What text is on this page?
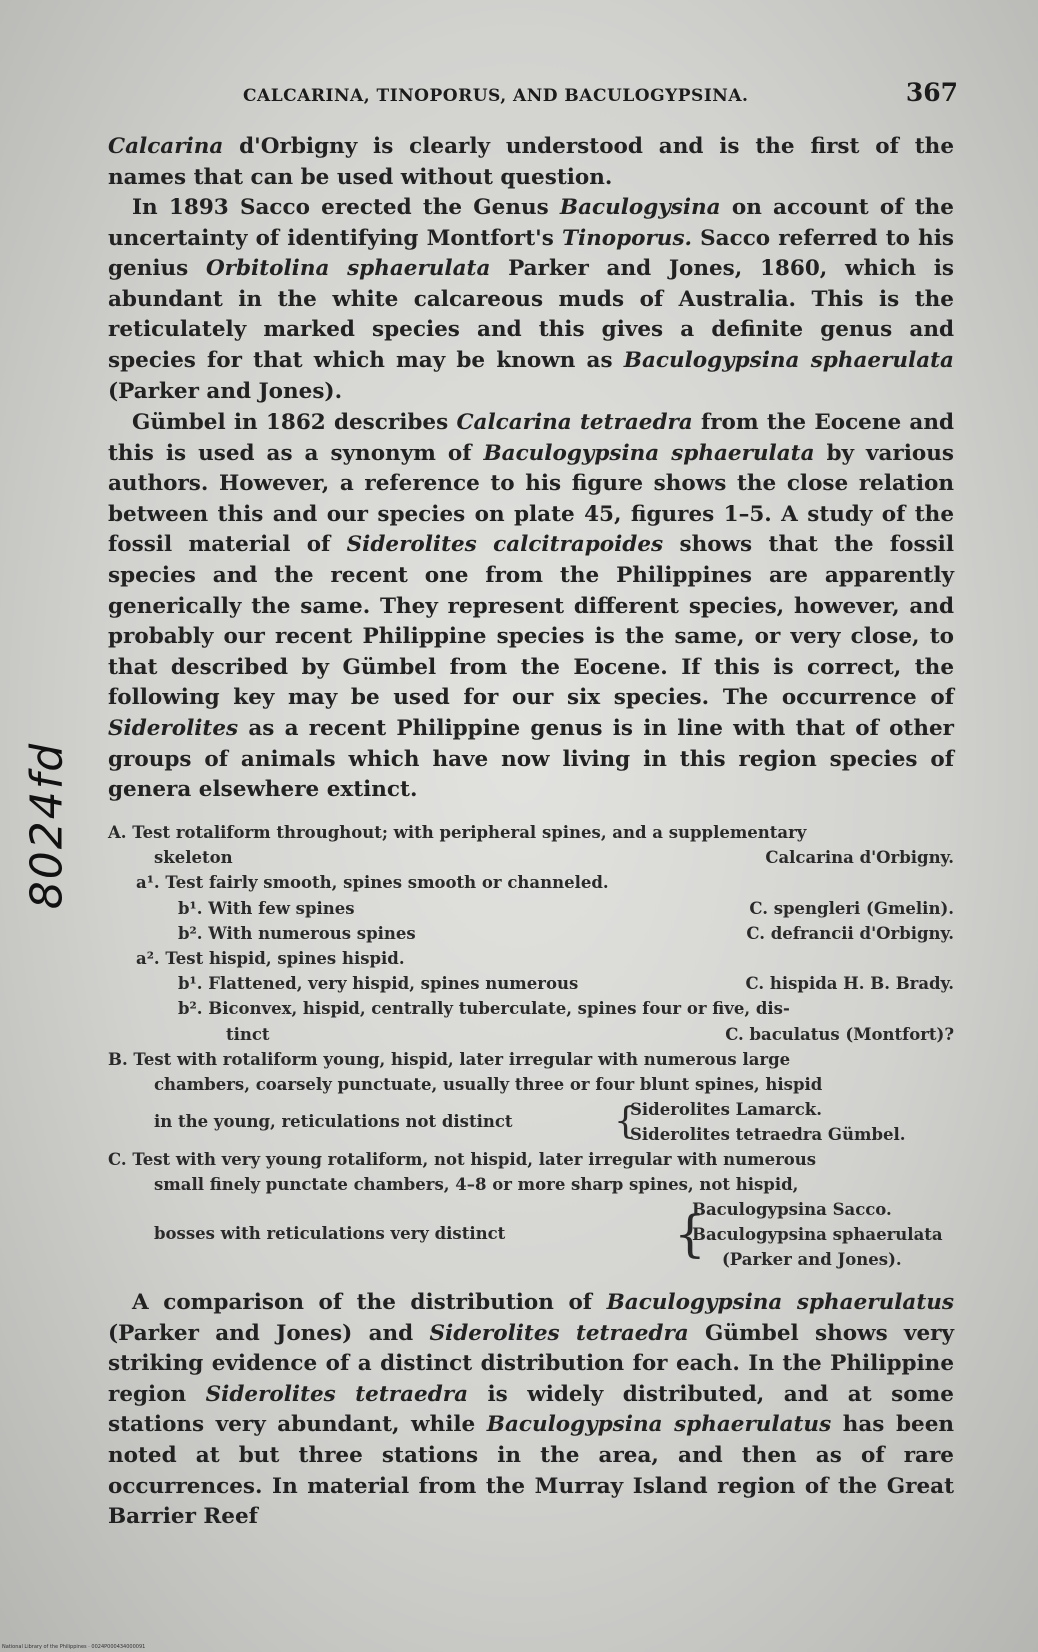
CALCARINA, TINOPORUS, AND BACULOGYPSINA.	367

Calcarina d'Orbigny is clearly understood and is the first of the names that can be used without question.

In 1893 Sacco erected the Genus Baculogysina on account of the uncertainty of identifying Montfort's Tinoporus. Sacco referred to his genius Orbitolina sphaerulata Parker and Jones, 1860, which is abundant in the white calcareous muds of Australia. This is the reticulately marked species and this gives a definite genus and species for that which may be known as Baculogypsina sphaerulata (Parker and Jones).

Gümbel in 1862 describes Calcarina tetraedra from the Eocene and this is used as a synonym of Baculogypsina sphaerulata by various authors. However, a reference to his figure shows the close relation between this and our species on plate 45, figures 1–5. A study of the fossil material of Siderolites calcitrapoides shows that the fossil species and the recent one from the Philippines are apparently generically the same. They represent different species, however, and probably our recent Philippine species is the same, or very close, to that described by Gümbel from the Eocene. If this is correct, the following key may be used for our six species. The occurrence of Siderolites as a recent Philippine genus is in line with that of other groups of animals which have now living in this region species of genera elsewhere extinct.

A. Test rotaliform throughout; with peripheral spines, and a supplementary
skeleton	Calcarina d'Orbigny.
a¹. Test fairly smooth, spines smooth or channeled.
b¹. With few spines	C. spengleri (Gmelin).
b². With numerous spines	C. defrancii d'Orbigny.
a². Test hispid, spines hispid.
b¹. Flattened, very hispid, spines numerous	C. hispida H. B. Brady.
b². Biconvex, hispid, centrally tuberculate, spines four or five, dis-
tinct	C. baculatus (Montfort)?
B. Test with rotaliform young, hispid, later irregular with numerous large
chambers, coarsely punctuate, usually three or four blunt spines, hispid
in the young, reticulations not distinct	{
Siderolites Lamarck.
Siderolites tetraedra Gümbel.
C. Test with very young rotaliform, not hispid, later irregular with numerous
small finely punctate chambers, 4–8 or more sharp spines, not hispid,
bosses with reticulations very distinct	{
Baculogypsina Sacco.
Baculogypsina sphaerulata
(Parker and Jones).

A comparison of the distribution of Baculogypsina sphaerulatus (Parker and Jones) and Siderolites tetraedra Gümbel shows very striking evidence of a distinct distribution for each. In the Philippine region Siderolites tetraedra is widely distributed, and at some stations very abundant, while Baculogypsina sphaerulatus has been noted at but three stations in the area, and then as of rare occurrences. In material from the Murray Island region of the Great Barrier Reef

8024fd
National Library of the Philippines · 0024P000434000091
